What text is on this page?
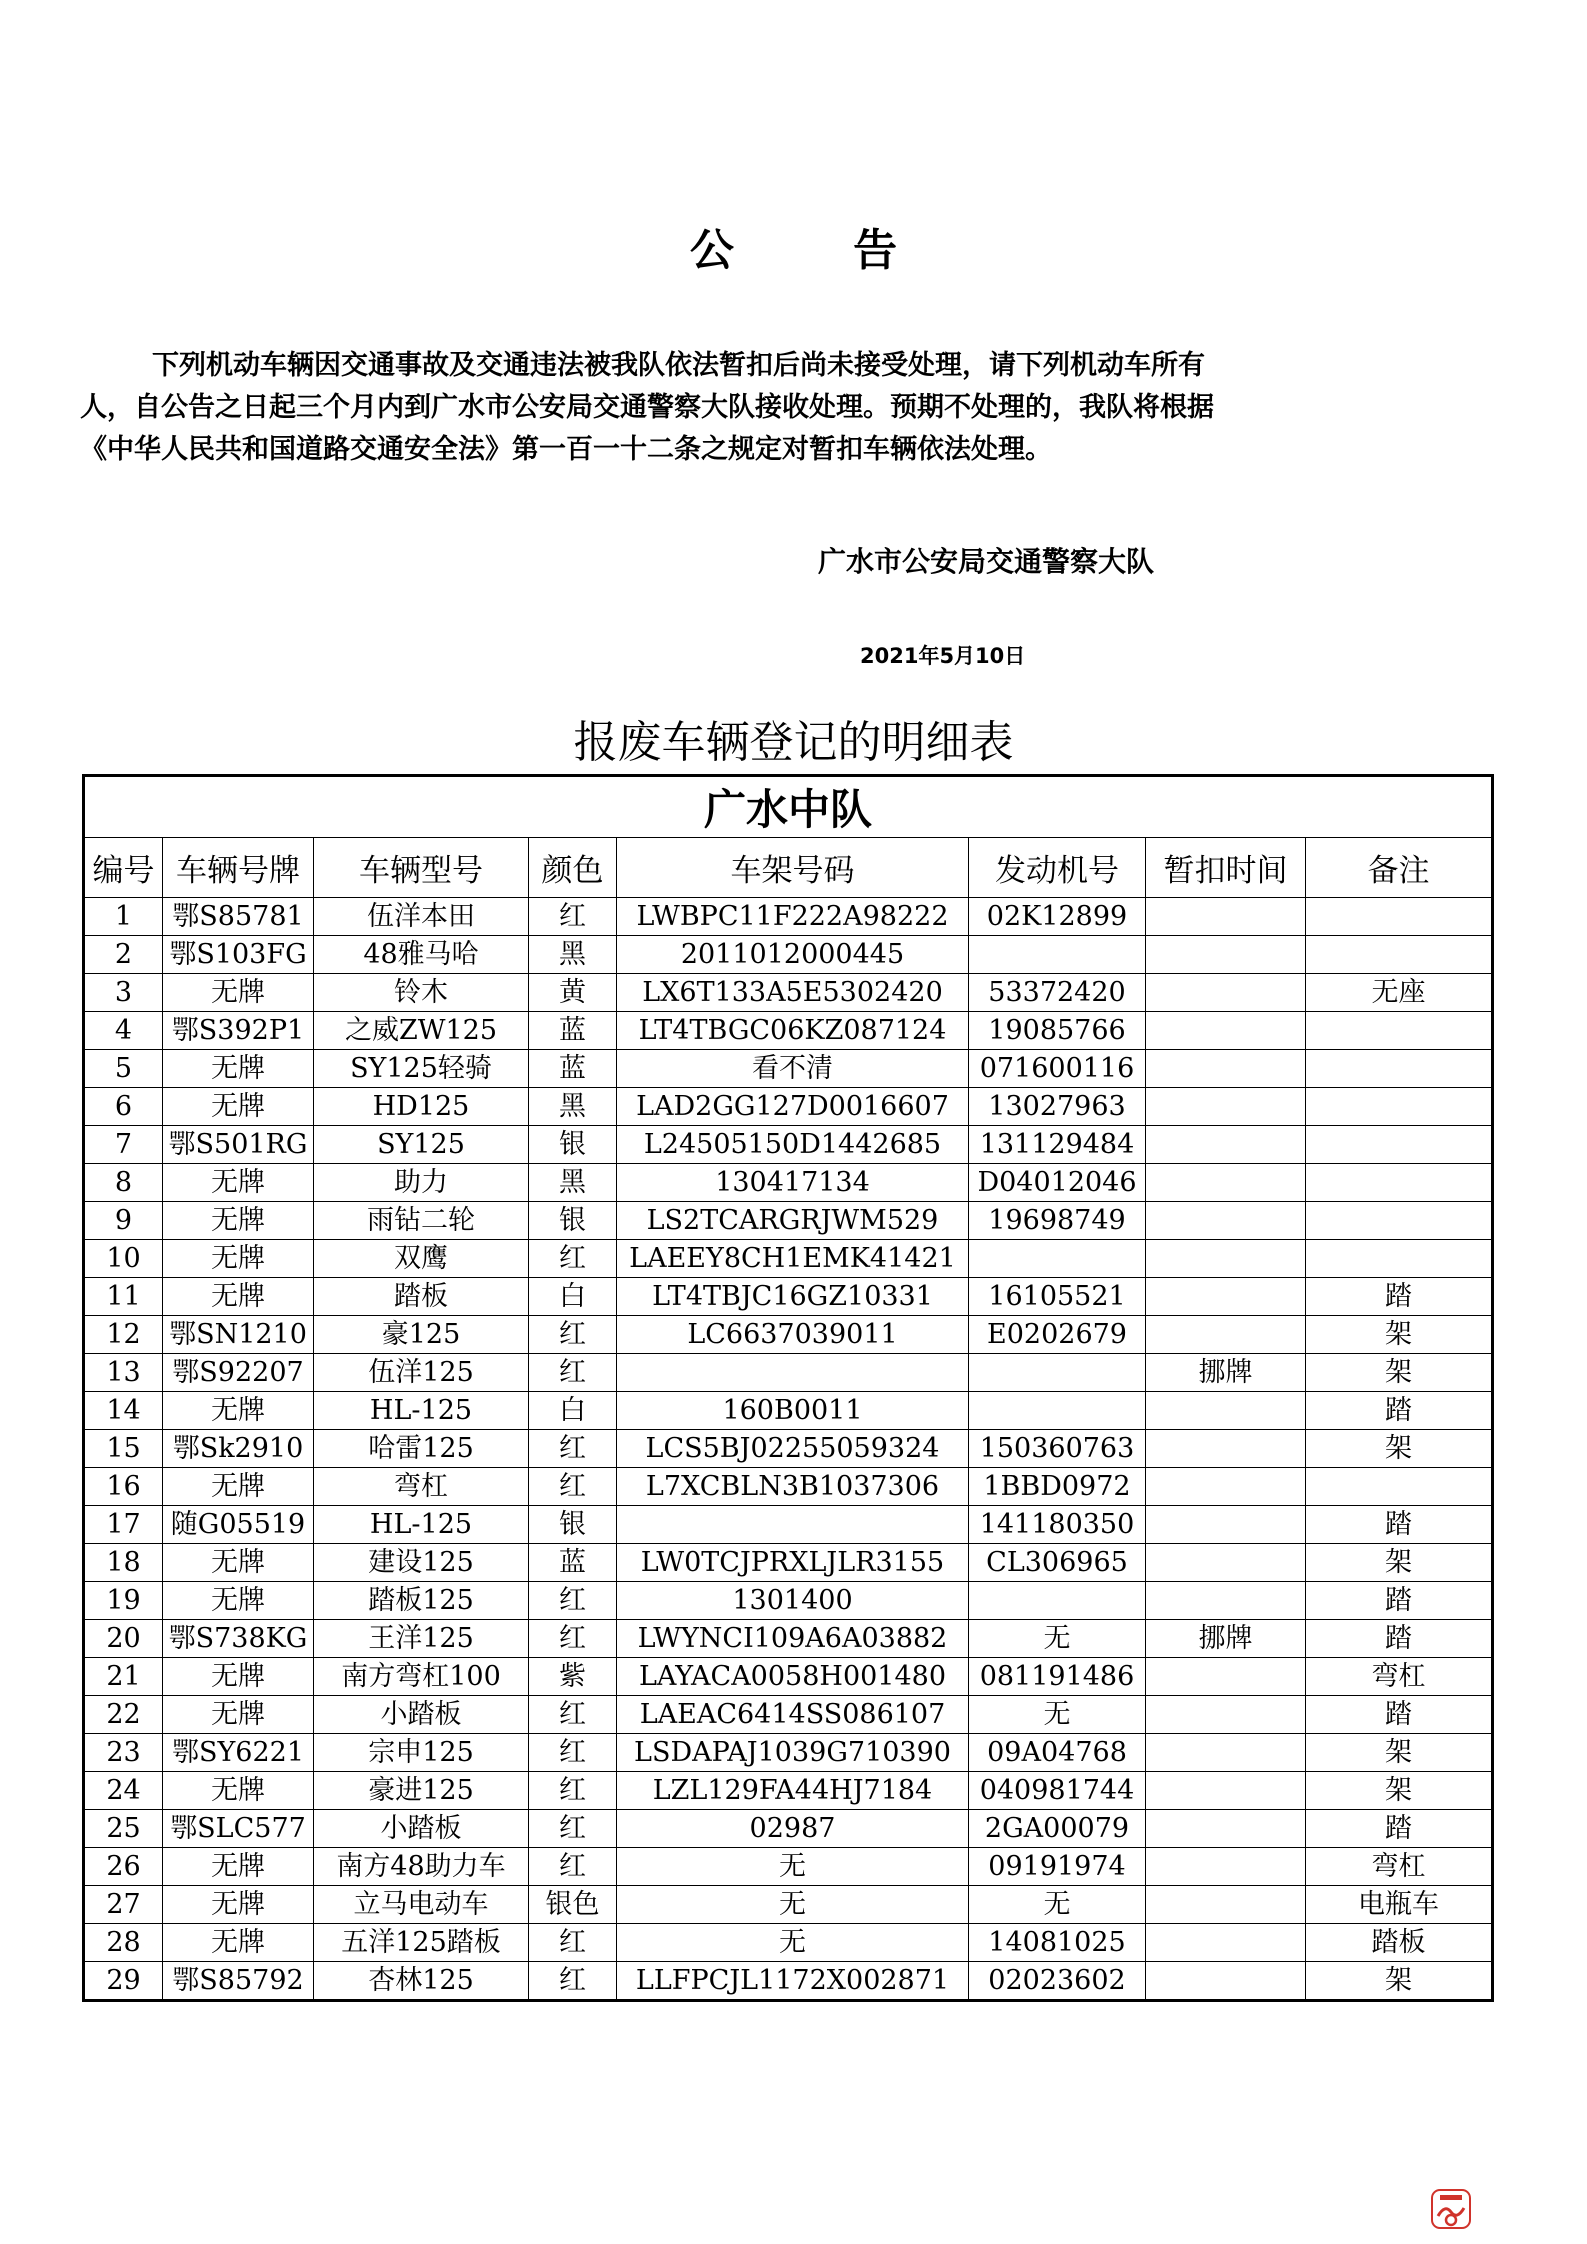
公 告
下列机动车辆因交通事故及交通违法被我队依法暂扣后尚未接受处理，请下列机动车所有
人，自公告之日起三个月内到广水市公安局交通警察大队接收处理。预期不处理的，我队将根据
《中华人民共和国道路交通安全法》第一百一十二条之规定对暂扣车辆依法处理。
广水市公安局交通警察大队
2021年5月10日
报废车辆登记的明细表
广水中队							
编号	车辆号牌	车辆型号	颜色	车架号码	发动机号	暂扣时间	备注
1	鄂S85781	伍洋本田	红	LWBPC11F222A98222	02K12899		
2	鄂S103FG	48雅马哈	黑	2011012000445			
3	无牌	铃木	黄	LX6T133A5E5302420	53372420		无座
4	鄂S392P1	之威ZW125	蓝	LT4TBGC06KZ087124	19085766		
5	无牌	SY125轻骑	蓝	看不清	071600116		
6	无牌	HD125	黑	LAD2GG127D0016607	13027963		
7	鄂S501RG	SY125	银	L24505150D1442685	131129484		
8	无牌	助力	黑	130417134	D04012046		
9	无牌	雨钻二轮	银	LS2TCARGRJWM529	19698749		
10	无牌	双鹰	红	LAEEY8CH1EMK41421			
11	无牌	踏板	白	LT4TBJC16GZ10331	16105521		踏
12	鄂SN1210	豪125	红	LC6637039011	E0202679		架
13	鄂S92207	伍洋125	红			挪牌	架
14	无牌	HL-125	白	160B0011			踏
15	鄂Sk2910	哈雷125	红	LCS5BJ02255059324	150360763		架
16	无牌	弯杠	红	L7XCBLN3B1037306	1BBD0972		
17	随G05519	HL-125	银		141180350		踏
18	无牌	建设125	蓝	LW0TCJPRXLJLR3155	CL306965		架
19	无牌	踏板125	红	1301400			踏
20	鄂S738KG	王洋125	红	LWYNCI109A6A03882	无	挪牌	踏
21	无牌	南方弯杠100	紫	LAYACA0058H001480	081191486		弯杠
22	无牌	小踏板	红	LAEAC6414SS086107	无		踏
23	鄂SY6221	宗申125	红	LSDAPAJ1039G710390	09A04768		架
24	无牌	豪进125	红	LZL129FA44HJ7184	040981744		架
25	鄂SLC577	小踏板	红	02987	2GA00079		踏
26	无牌	南方48助力车	红	无	09191974		弯杠
27	无牌	立马电动车	银色	无	无		电瓶车
28	无牌	五洋125踏板	红	无	14081025		踏板
29	鄂S85792	杏林125	红	LLFPCJL1172X002871	02023602		架
